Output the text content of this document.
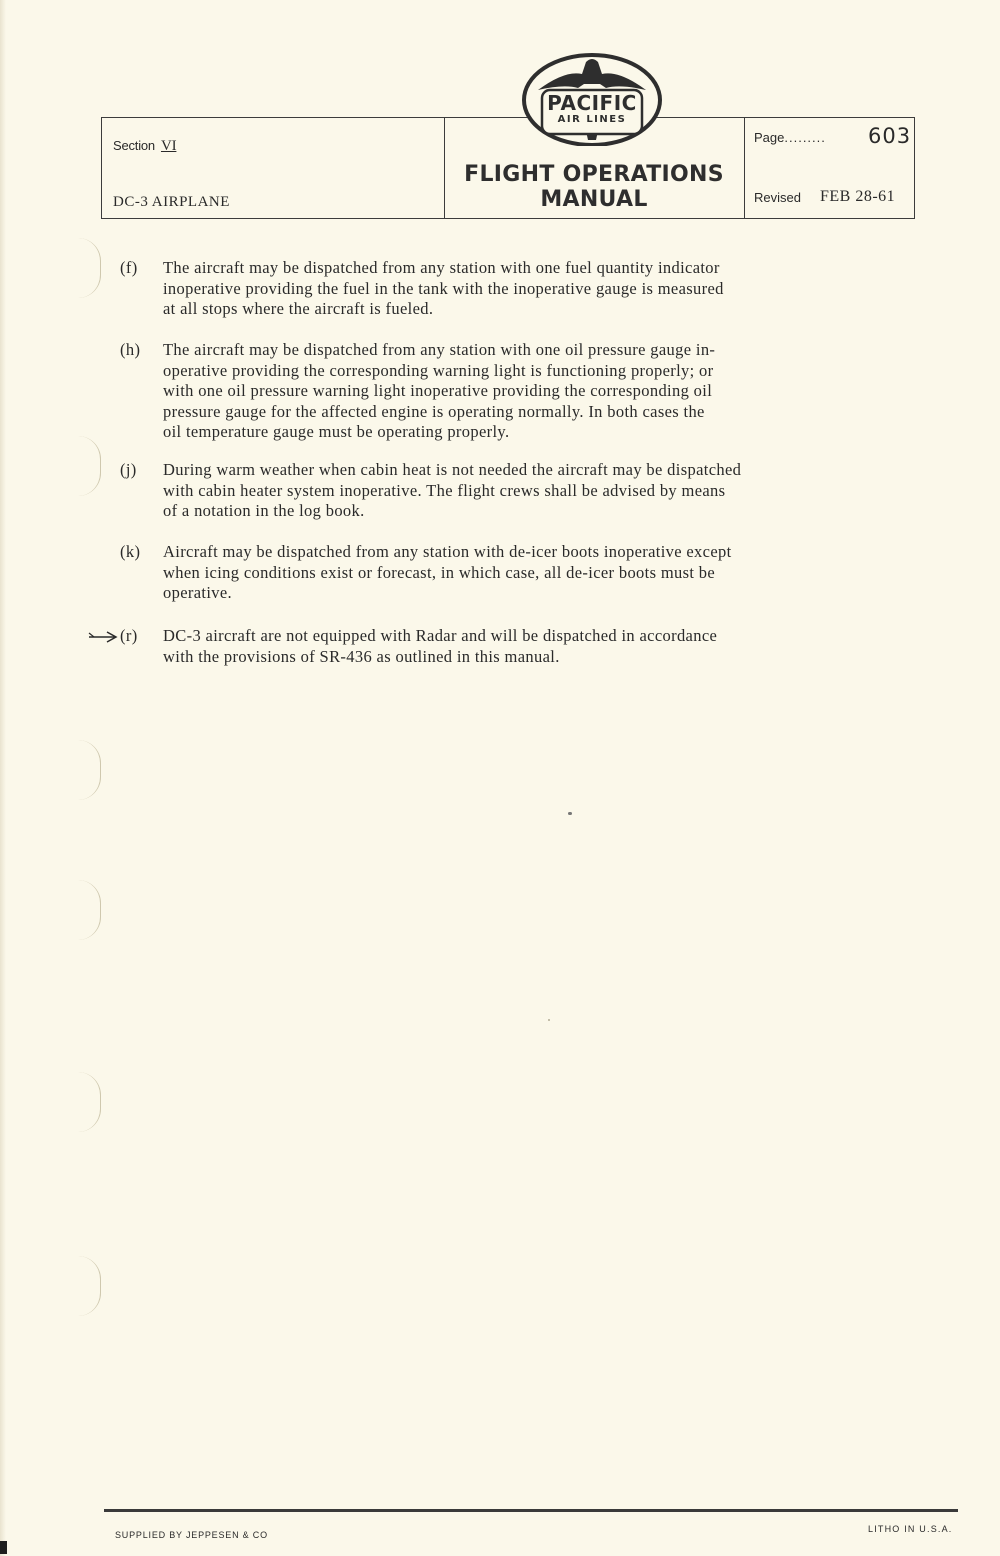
Section VI
DC-3 AIRPLANE
FLIGHT OPERATIONS
MANUAL
Page......... 603
Revised FEB 28-61
PACIFIC
AIR LINES
(f) The aircraft may be dispatched from any station with one fuel quantity indicator
inoperative providing the fuel in the tank with the inoperative gauge is measured
at all stops where the aircraft is fueled.
(h) The aircraft may be dispatched from any station with one oil pressure gauge in-
operative providing the corresponding warning light is functioning properly; or
with one oil pressure warning light inoperative providing the corresponding oil
pressure gauge for the affected engine is operating normally. In both cases the
oil temperature gauge must be operating properly.
(j) During warm weather when cabin heat is not needed the aircraft may be dispatched
with cabin heater system inoperative. The flight crews shall be advised by means
of a notation in the log book.
(k) Aircraft may be dispatched from any station with de-icer boots inoperative except
when icing conditions exist or forecast, in which case, all de-icer boots must be
operative.
(r) DC-3 aircraft are not equipped with Radar and will be dispatched in accordance
with the provisions of SR-436 as outlined in this manual.
SUPPLIED BY JEPPESEN & CO
LITHO IN U.S.A.
